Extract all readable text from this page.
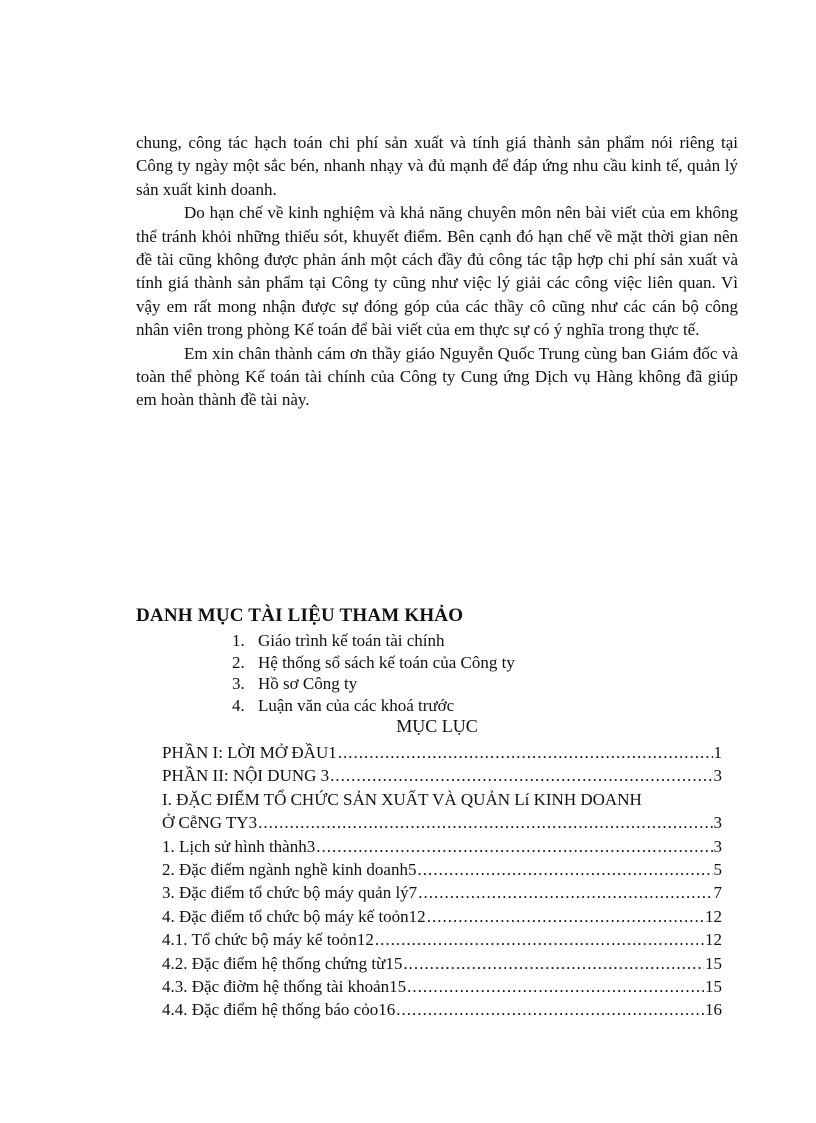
chung, công tác hạch toán chi phí sản xuất và tính giá thành sản phẩm nói riêng tại Công ty ngày một sắc bén, nhanh nhạy và đủ mạnh để đáp ứng nhu cầu kinh tế, quản lý sản xuất kinh doanh.

Do hạn chế về kinh nghiệm và khả năng chuyên môn nên bài viết của em không thể tránh khỏi những thiếu sót, khuyết điểm. Bên cạnh đó hạn chế về mặt thời gian nên đề tài cũng không được phản ánh một cách đầy đủ công tác tập hợp chi phí sản xuất và tính giá thành sản phẩm tại Công ty cũng như việc lý giải các công việc liên quan. Vì vậy em rất mong nhận được sự đóng góp của các thầy cô cũng như các cán bộ công nhân viên trong phòng Kế toán để bài viết của em thực sự có ý nghĩa trong thực tế.

Em xin chân thành cám ơn thầy giáo Nguyễn Quốc Trung cùng ban Giám đốc và toàn thể phòng Kế toán tài chính của Công ty Cung ứng Dịch vụ Hàng không đã giúp em hoàn thành đề tài này.

DANH MỤC TÀI LIỆU THAM KHẢO
1. Giáo trình kế toán tài chính
2. Hệ thống sổ sách kế toán của Công ty
3. Hồ sơ Công ty
4. Luận văn của các khoá trước
MỤC LỤC
PHẦN I: LỜI MỞ ĐẦU1 .....	1
PHẦN II: NỘI DUNG 3 .....	3
I. ĐẶC ĐIỂM TỔ CHỨC SẢN XUẤT VÀ QUẢN Lí KINH DOANH
Ở CễNG TY3 .....	3
1. Lịch sử hình thành3 .....	3
2. Đặc điểm ngành nghề kinh doanh5 .....	5
3. Đặc điểm tổ chức bộ máy quản lý7 .....	7
4. Đặc điểm tổ chức bộ máy kế toỏn12 .....	12
4.1. Tổ chức bộ máy kế toỏn12 .....	12
4.2. Đặc điểm hệ thống chứng từ15 .....	15
4.3. Đặc điờm hệ thống tài khoản15 .....	15
4.4. Đặc điểm hệ thống báo cỏo16 .....	16
